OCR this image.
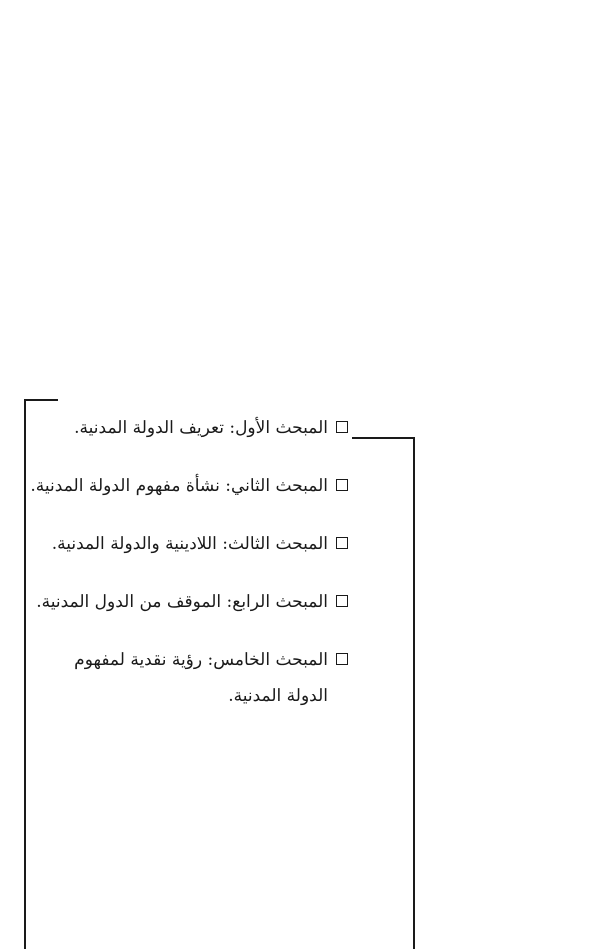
المبحث الأول: تعريف الدولة المدنية.
المبحث الثاني: نشأة مفهوم الدولة المدنية.
المبحث الثالث: اللادينية والدولة المدنية.
المبحث الرابع: الموقف من الدول المدنية.
المبحث الخامس: رؤية نقدية لمفهوم الدولة المدنية.
